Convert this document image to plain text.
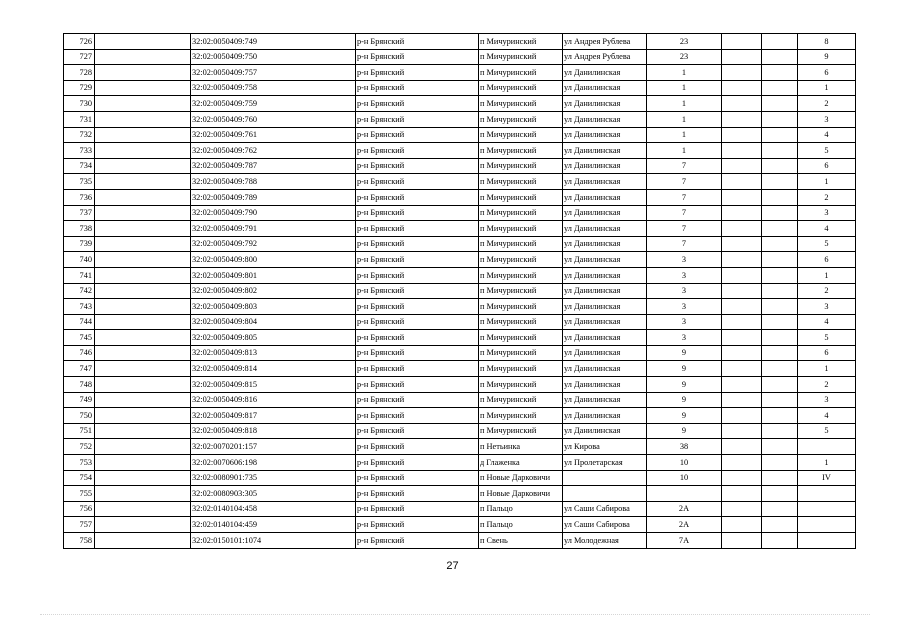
726		32:02:0050409:749	р-н Брянский	п Мичуринский	ул Андрея Рублева	23			8
727		32:02:0050409:750	р-н Брянский	п Мичуринский	ул Андрея Рублева	23			9
728		32:02:0050409:757	р-н Брянский	п Мичуринский	ул Данилинская	1			6
729		32:02:0050409:758	р-н Брянский	п Мичуринский	ул Данилинская	1			1
730		32:02:0050409:759	р-н Брянский	п Мичуринский	ул Данилинская	1			2
731		32:02:0050409:760	р-н Брянский	п Мичуринский	ул Данилинская	1			3
732		32:02:0050409:761	р-н Брянский	п Мичуринский	ул Данилинская	1			4
733		32:02:0050409:762	р-н Брянский	п Мичуринский	ул Данилинская	1			5
734		32:02:0050409:787	р-н Брянский	п Мичуринский	ул Данилинская	7			6
735		32:02:0050409:788	р-н Брянский	п Мичуринский	ул Данилинская	7			1
736		32:02:0050409:789	р-н Брянский	п Мичуринский	ул Данилинская	7			2
737		32:02:0050409:790	р-н Брянский	п Мичуринский	ул Данилинская	7			3
738		32:02:0050409:791	р-н Брянский	п Мичуринский	ул Данилинская	7			4
739		32:02:0050409:792	р-н Брянский	п Мичуринский	ул Данилинская	7			5
740		32:02:0050409:800	р-н Брянский	п Мичуринский	ул Данилинская	3			6
741		32:02:0050409:801	р-н Брянский	п Мичуринский	ул Данилинская	3			1
742		32:02:0050409:802	р-н Брянский	п Мичуринский	ул Данилинская	3			2
743		32:02:0050409:803	р-н Брянский	п Мичуринский	ул Данилинская	3			3
744		32:02:0050409:804	р-н Брянский	п Мичуринский	ул Данилинская	3			4
745		32:02:0050409:805	р-н Брянский	п Мичуринский	ул Данилинская	3			5
746		32:02:0050409:813	р-н Брянский	п Мичуринский	ул Данилинская	9			6
747		32:02:0050409:814	р-н Брянский	п Мичуринский	ул Данилинская	9			1
748		32:02:0050409:815	р-н Брянский	п Мичуринский	ул Данилинская	9			2
749		32:02:0050409:816	р-н Брянский	п Мичуринский	ул Данилинская	9			3
750		32:02:0050409:817	р-н Брянский	п Мичуринский	ул Данилинская	9			4
751		32:02:0050409:818	р-н Брянский	п Мичуринский	ул Данилинская	9			5
752		32:02:0070201:157	р-н Брянский	п Нетьинка	ул Кирова	38			
753		32:02:0070606:198	р-н Брянский	д Глаженка	ул Пролетарская	10			1
754		32:02:0080901:735	р-н Брянский	п Новые Дарковичи		10			IV
755		32:02:0080903:305	р-н Брянский	п Новые Дарковичи					
756		32:02:0140104:458	р-н Брянский	п Пальцо	ул Саши Сабирова	2А			
757		32:02:0140104:459	р-н Брянский	п Пальцо	ул Саши Сабирова	2А			
758		32:02:0150101:1074	р-н Брянский	п Свень	ул Молодежная	7А			
27
